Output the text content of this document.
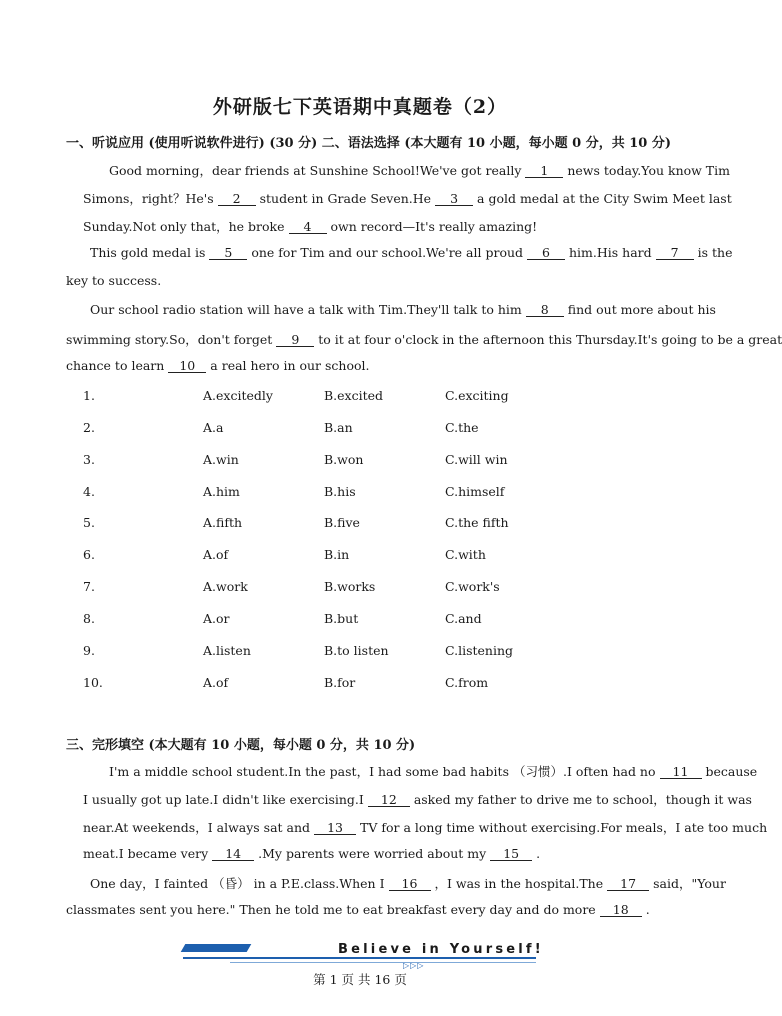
外研版七下英语期中真题卷（2）
一、听说应用 (使用听说软件进行) (30 分) 二、语法选择 (本大题有 10 小题，每小题 0 分，共 10 分)
Good morning，dear friends at Sunshine School!We've got really 1 news today.You know Tim
Simons，right？He's 2 student in Grade Seven.He 3 a gold medal at the City Swim Meet last
Sunday.Not only that，he broke 4 own record—It's really amazing!
This gold medal is 5 one for Tim and our school.We're all proud 6 him.His hard 7 is the
key to success.
Our school radio station will have a talk with Tim.They'll talk to him 8 find out more about his
swimming story.So，don't forget 9 to it at four o'clock in the afternoon this Thursday.It's going to be a great
chance to learn 10 a real hero in our school.
1.	A.excitedly	B.excited	C.exciting
2.	A.a	B.an	C.the
3.	A.win	B.won	C.will win
4.	A.him	B.his	C.himself
5.	A.fifth	B.five	C.the fifth
6.	A.of	B.in	C.with
7.	A.work	B.works	C.work's
8.	A.or	B.but	C.and
9.	A.listen	B.to listen	C.listening
10.	A.of	B.for	C.from
三、完形填空 (本大题有 10 小题，每小题 0 分，共 10 分)
I'm a middle school student.In the past，I had some bad habits （习惯）.I often had no 11 because
I usually got up late.I didn't like exercising.I 12 asked my father to drive me to school，though it was
near.At weekends，I always sat and 13 TV for a long time without exercising.For meals，I ate too much
meat.I became very 14 .My parents were worried about my 15 .
One day，I fainted （昏） in a P.E.class.When I 16 ，I was in the hospital.The 17 said，"Your
classmates sent you here." Then he told me to eat breakfast every day and do more 18 .
Believe in Yourself!
▷▷▷
第 1 页 共 16 页
